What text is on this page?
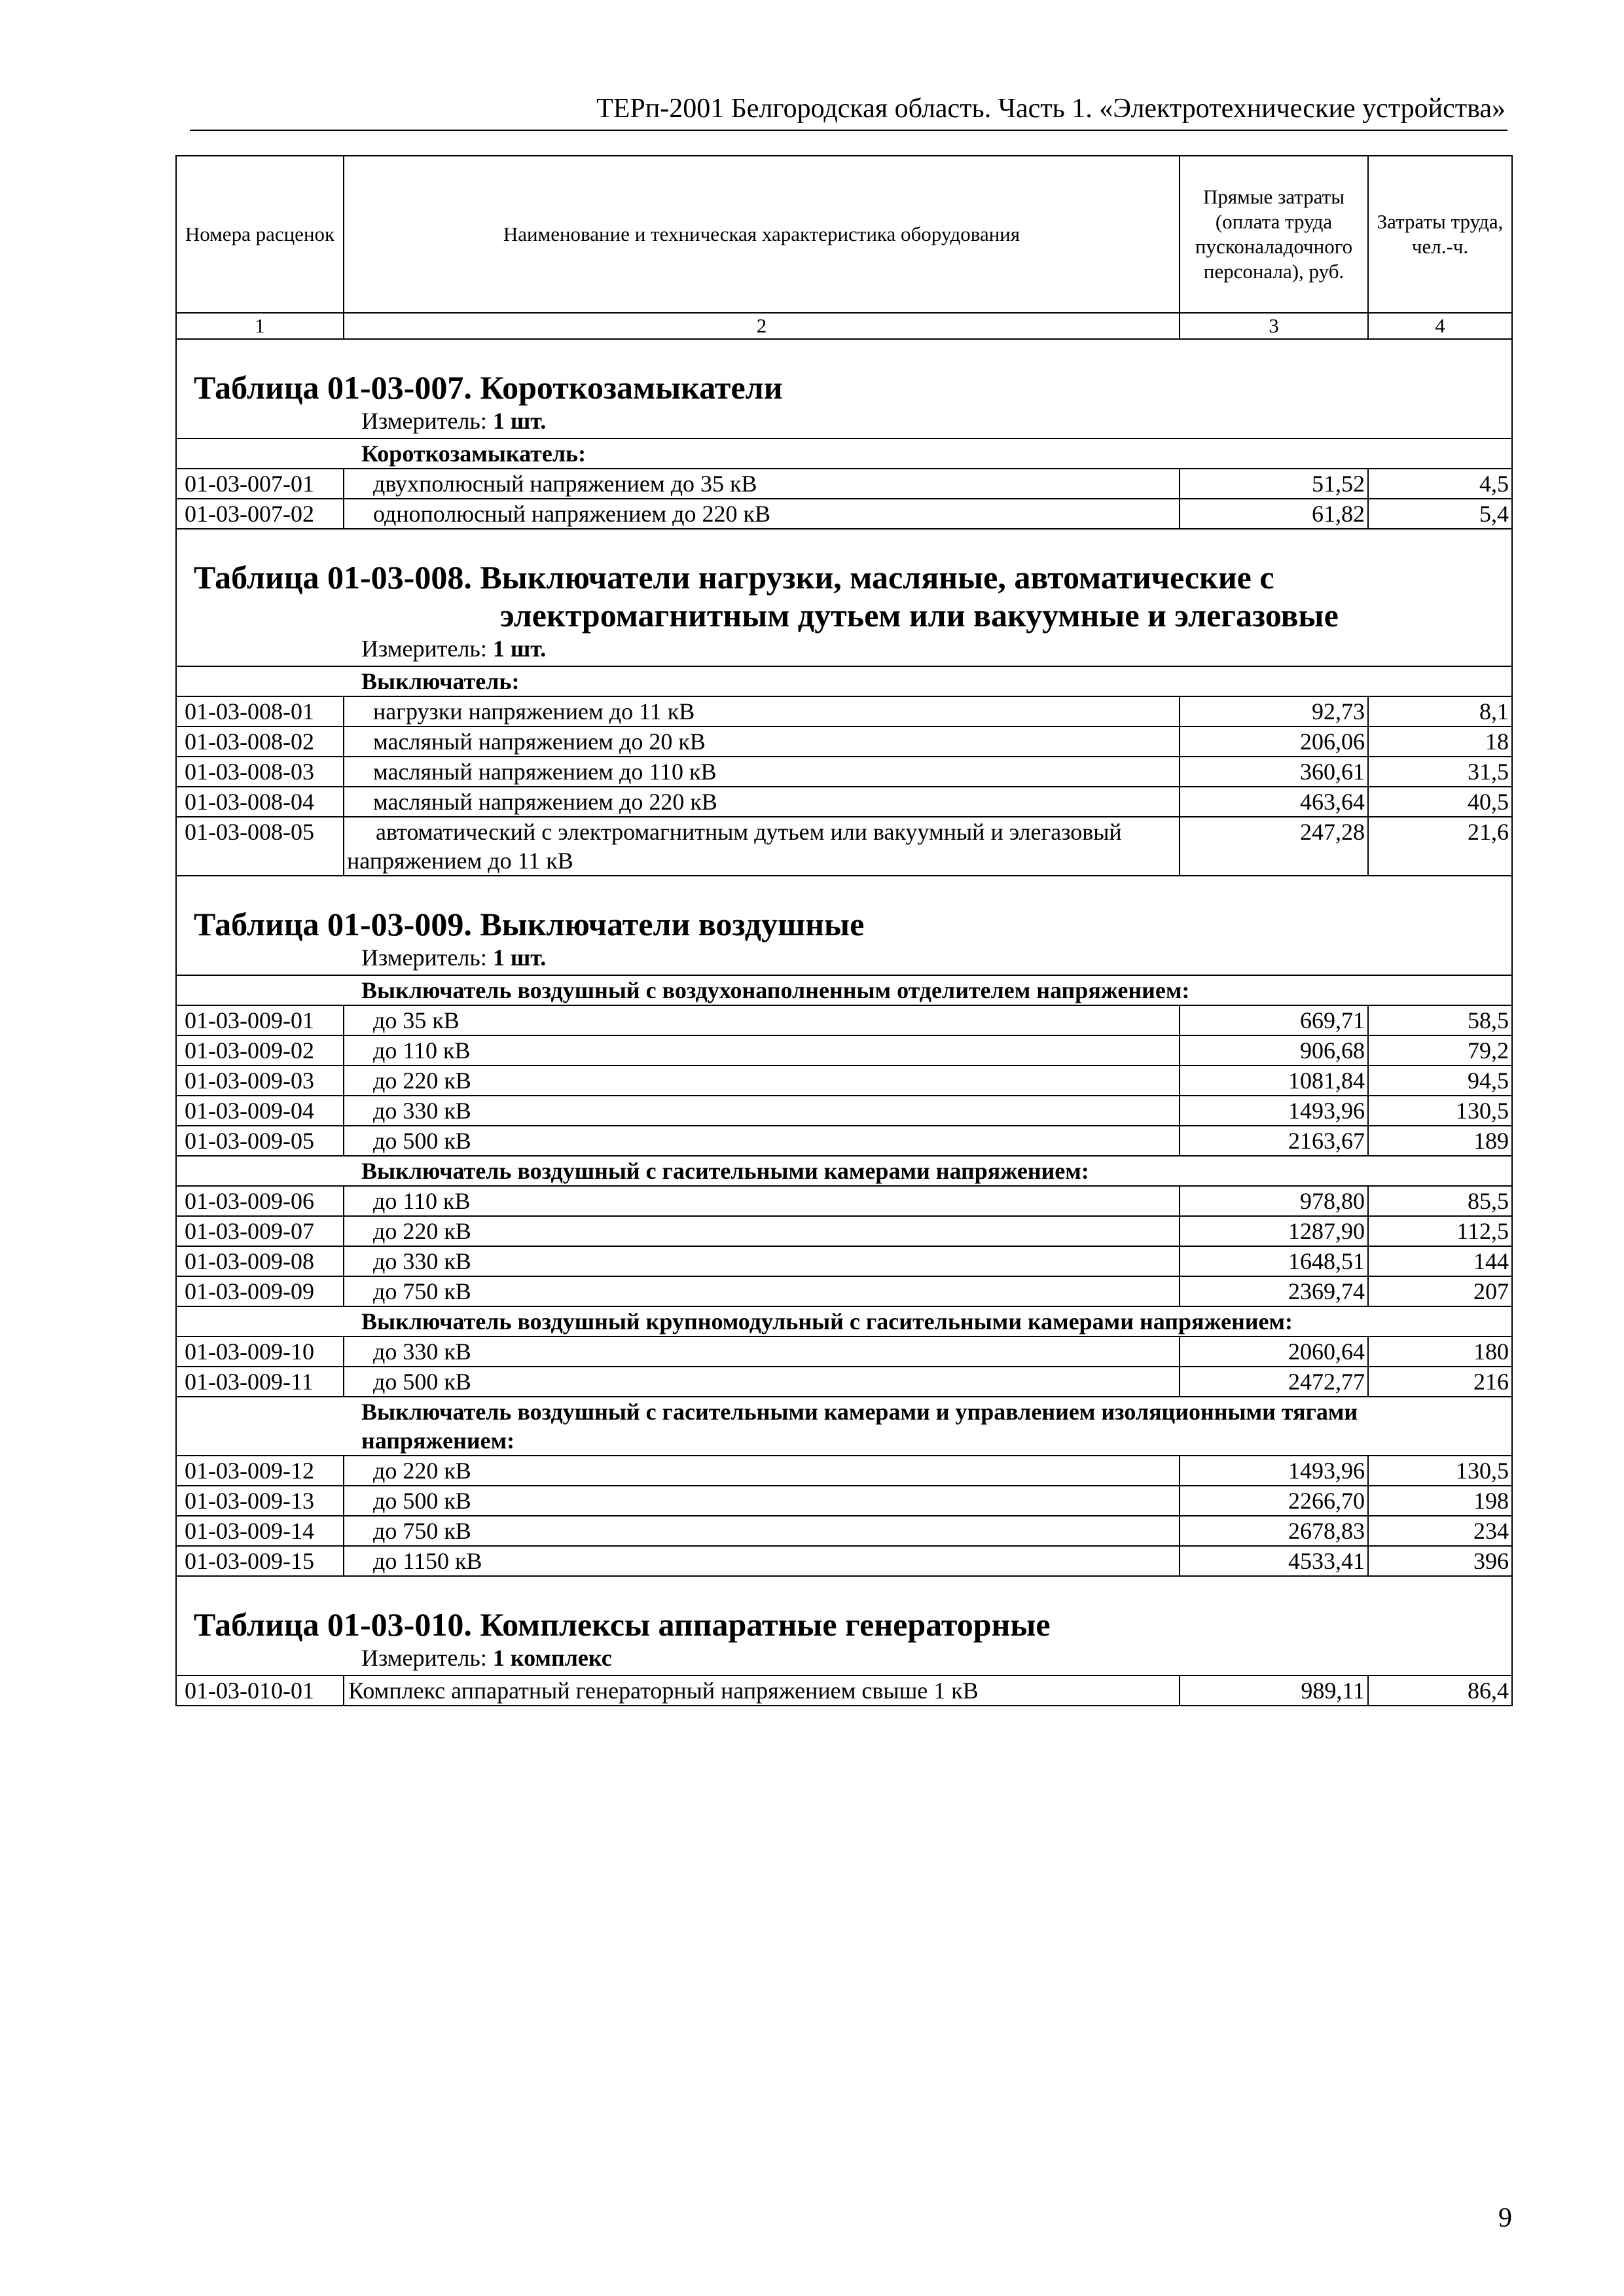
ТЕРп-2001 Белгородская область. Часть 1. «Электротехнические устройства»
Номера расценок	Наименование и техническая характеристика оборудования	Прямые затраты (оплата труда пусконаладочного персонала), руб.	Затраты труда, чел.-ч.
1	2	3	4

Таблица 01-03-007. Короткозамыкатели
Измеритель: 1 шт.			

Короткозамыкатель:			
01-03-007-01	двухполюсный напряжением до 35 кВ	51,52	4,5
01-03-007-02	однополюсный напряжением до 220 кВ	61,82	5,4

Таблица 01-03-008. Выключатели нагрузки, масляные, автоматические с
электромагнитным дутьем или вакуумные и элегазовые
Измеритель: 1 шт.			

Выключатель:			
01-03-008-01	нагрузки напряжением до 11 кВ	92,73	8,1
01-03-008-02	масляный напряжением до 20 кВ	206,06	18
01-03-008-03	масляный напряжением до 110 кВ	360,61	31,5
01-03-008-04	масляный напряжением до 220 кВ	463,64	40,5
01-03-008-05	автоматический с электромагнитным дутьем или вакуумный и элегазовый напряжением до 11 кВ	247,28	21,6

Таблица 01-03-009. Выключатели воздушные
Измеритель: 1 шт.			

Выключатель воздушный с воздухонаполненным отделителем напряжением:			
01-03-009-01	до 35 кВ	669,71	58,5
01-03-009-02	до 110 кВ	906,68	79,2
01-03-009-03	до 220 кВ	1081,84	94,5
01-03-009-04	до 330 кВ	1493,96	130,5
01-03-009-05	до 500 кВ	2163,67	189
Выключатель воздушный с гасительными камерами напряжением:			
01-03-009-06	до 110 кВ	978,80	85,5
01-03-009-07	до 220 кВ	1287,90	112,5
01-03-009-08	до 330 кВ	1648,51	144
01-03-009-09	до 750 кВ	2369,74	207
Выключатель воздушный крупномодульный с гасительными камерами напряжением:			
01-03-009-10	до 330 кВ	2060,64	180
01-03-009-11	до 500 кВ	2472,77	216
Выключатель воздушный с гасительными камерами и управлением изоляционными тягами напряжением:			
01-03-009-12	до 220 кВ	1493,96	130,5
01-03-009-13	до 500 кВ	2266,70	198
01-03-009-14	до 750 кВ	2678,83	234
01-03-009-15	до 1150 кВ	4533,41	396

Таблица 01-03-010. Комплексы аппаратные генераторные
Измеритель: 1 комплекс			

01-03-010-01	Комплекс аппаратный генераторный напряжением свыше 1 кВ	989,11	86,4
9
